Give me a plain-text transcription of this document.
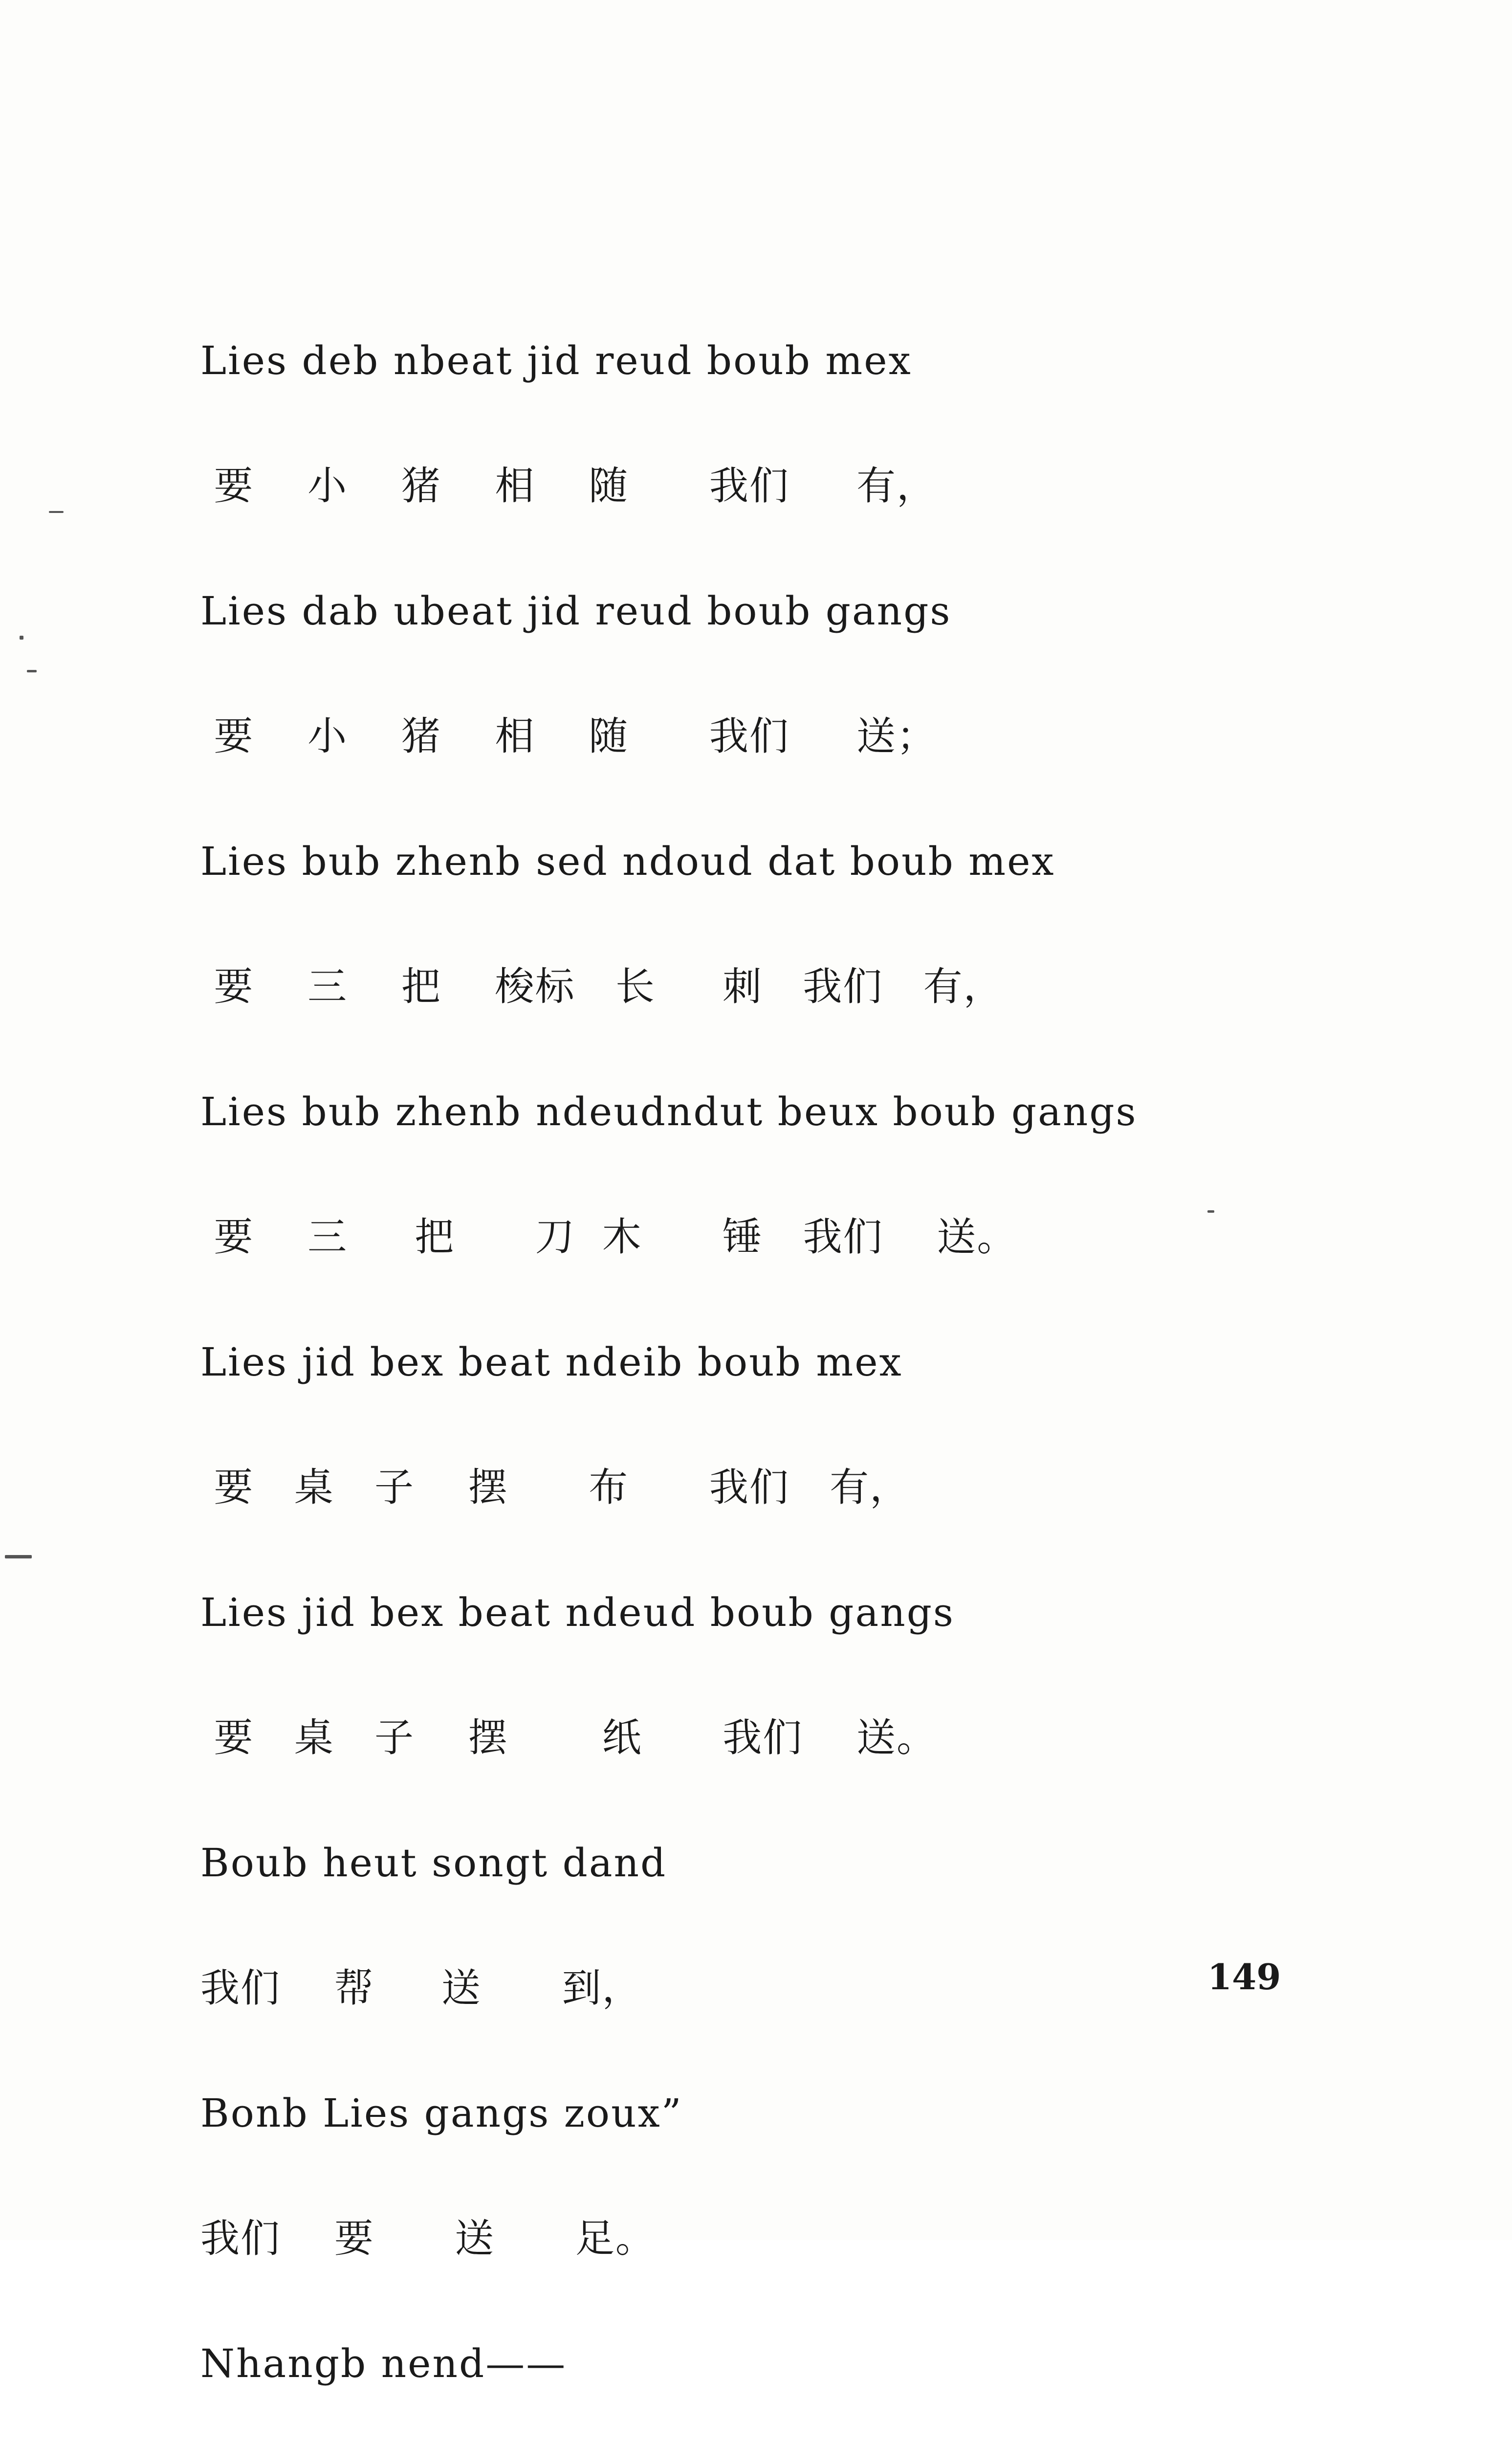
Lies deb nbeat jid reud boub mex
要    小    猪    相    随      我们     有，
Lies dab ubeat jid reud boub gangs
要    小    猪    相    随      我们     送；
Lies bub zhenb sed ndoud dat boub mex
要    三    把    梭标   长     刺   我们   有，
Lies bub zhenb ndeudndut beux boub gangs
要    三     把      刀  木      锤   我们    送。
Lies jid bex beat ndeib boub mex
要   桌   子    摆      布      我们   有，
Lies jid bex beat ndeud boub gangs
要   桌   子    摆       纸      我们    送。
Boub heut songt dand
我们    帮     送      到，
Bonb Lies gangs zoux”
我们    要      送      足。
Nhangb nend——
149
